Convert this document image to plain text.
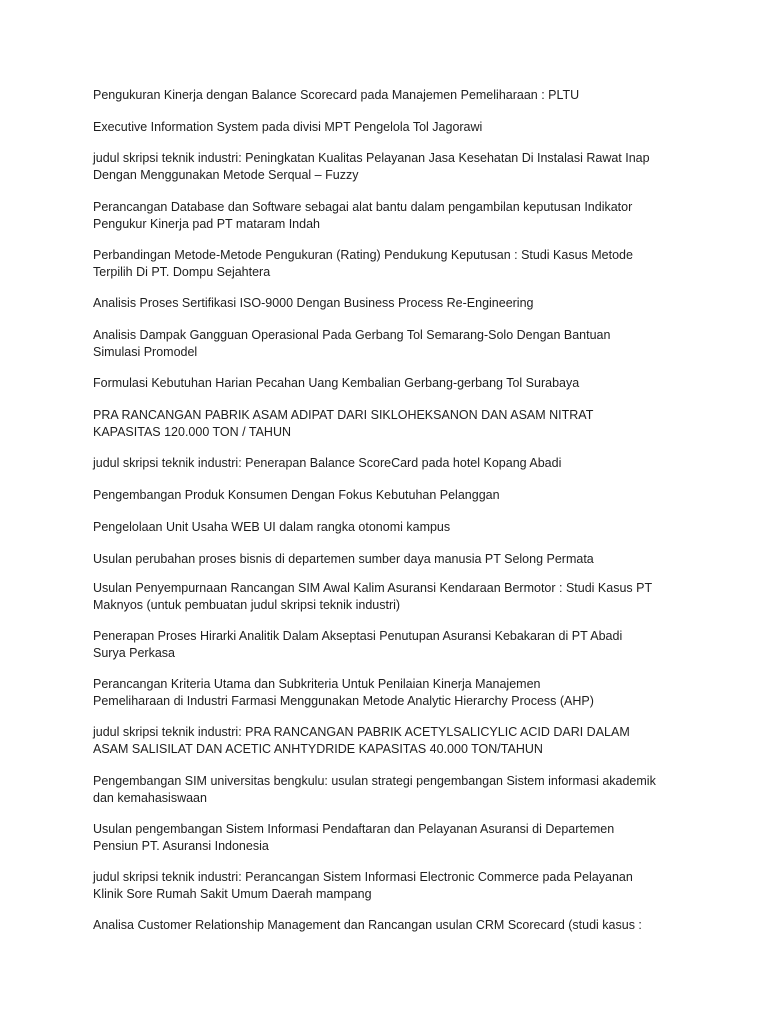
Pengukuran Kinerja dengan Balance Scorecard pada Manajemen Pemeliharaan : PLTU

Executive Information System pada divisi MPT Pengelola Tol Jagorawi

judul skripsi teknik industri: Peningkatan Kualitas Pelayanan Jasa Kesehatan Di Instalasi Rawat Inap
Dengan Menggunakan Metode Serqual – Fuzzy

Perancangan Database dan Software sebagai alat bantu dalam pengambilan keputusan Indikator
Pengukur Kinerja pad PT mataram Indah

Perbandingan Metode-Metode Pengukuran (Rating) Pendukung Keputusan : Studi Kasus Metode
Terpilih Di PT. Dompu Sejahtera

Analisis Proses Sertifikasi ISO-9000 Dengan Business Process Re-Engineering

Analisis Dampak Gangguan Operasional Pada Gerbang Tol Semarang-Solo Dengan Bantuan
Simulasi Promodel

Formulasi Kebutuhan Harian Pecahan Uang Kembalian Gerbang-gerbang Tol Surabaya

PRA RANCANGAN PABRIK ASAM ADIPAT DARI SIKLOHEKSANON DAN ASAM NITRAT
KAPASITAS 120.000 TON / TAHUN

judul skripsi teknik industri: Penerapan Balance ScoreCard pada hotel Kopang Abadi

Pengembangan Produk Konsumen Dengan Fokus Kebutuhan Pelanggan

Pengelolaan Unit Usaha WEB UI dalam rangka otonomi kampus

Usulan perubahan proses bisnis di departemen sumber daya manusia PT Selong Permata

Usulan Penyempurnaan Rancangan SIM Awal Kalim Asuransi Kendaraan Bermotor : Studi Kasus PT
Maknyos (untuk pembuatan judul skripsi teknik industri)

Penerapan Proses Hirarki Analitik Dalam Akseptasi Penutupan Asuransi Kebakaran di PT Abadi
Surya Perkasa

Perancangan Kriteria Utama dan Subkriteria Untuk Penilaian Kinerja Manajemen
Pemeliharaan di Industri Farmasi Menggunakan Metode Analytic Hierarchy Process (AHP)

judul skripsi teknik industri: PRA RANCANGAN PABRIK ACETYLSALICYLIC ACID DARI DALAM
ASAM SALISILAT DAN ACETIC ANHTYDRIDE KAPASITAS 40.000 TON/TAHUN

Pengembangan SIM universitas bengkulu: usulan strategi pengembangan Sistem informasi akademik
dan kemahasiswaan

Usulan pengembangan Sistem Informasi Pendaftaran dan Pelayanan Asuransi di Departemen
Pensiun PT. Asuransi Indonesia

judul skripsi teknik industri: Perancangan Sistem Informasi Electronic Commerce pada Pelayanan
Klinik Sore Rumah Sakit Umum Daerah mampang

Analisa Customer Relationship Management dan Rancangan usulan CRM Scorecard (studi kasus :
